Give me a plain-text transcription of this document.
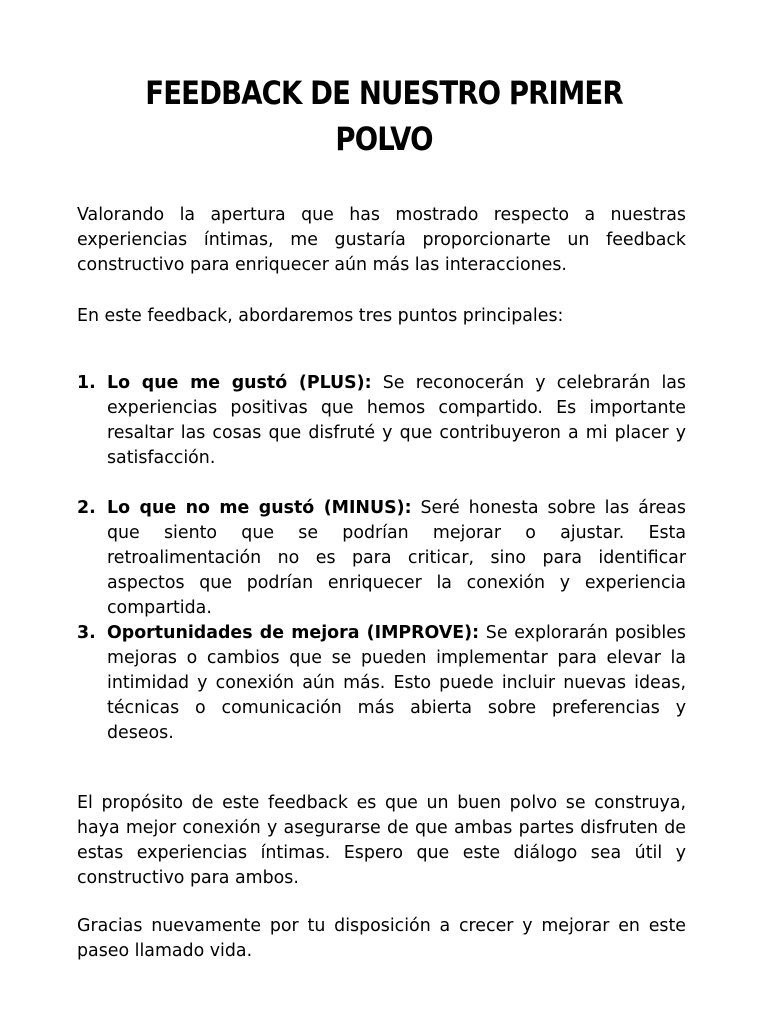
FEEDBACK DE NUESTRO PRIMER
POLVO

Valorando la apertura que has mostrado respecto a nuestras experiencias íntimas, me gustaría proporcionarte un feedback constructivo para enriquecer aún más las interacciones.

En este feedback, abordaremos tres puntos principales:

1. Lo que me gustó (PLUS): Se reconocerán y celebrarán las experiencias positivas que hemos compartido. Es importante resaltar las cosas que disfruté y que contribuyeron a mi placer y satisfacción.
2. Lo que no me gustó (MINUS): Seré honesta sobre las áreas que siento que se podrían mejorar o ajustar. Esta retroalimentación no es para criticar, sino para identificar aspectos que podrían enriquecer la conexión y experiencia compartida.
3. Oportunidades de mejora (IMPROVE): Se explorarán posibles mejoras o cambios que se pueden implementar para elevar la intimidad y conexión aún más. Esto puede incluir nuevas ideas, técnicas o comunicación más abierta sobre preferencias y deseos.

El propósito de este feedback es que un buen polvo se construya, haya mejor conexión y asegurarse de que ambas partes disfruten de estas experiencias íntimas. Espero que este diálogo sea útil y constructivo para ambos.

Gracias nuevamente por tu disposición a crecer y mejorar en este paseo llamado vida.
